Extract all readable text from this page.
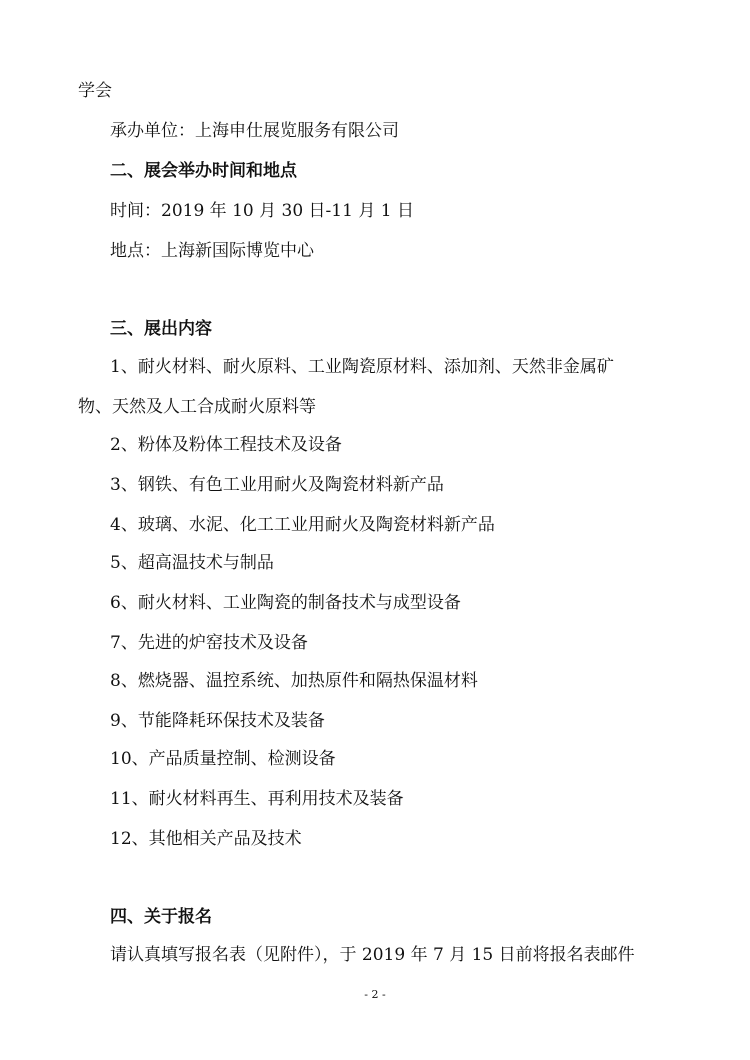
学会

承办单位：上海申仕展览服务有限公司

二、展会举办时间和地点

时间：2019 年 10 月 30 日-11 月 1 日

地点：上海新国际博览中心

三、展出内容

1、耐火材料、耐火原料、工业陶瓷原材料、添加剂、天然非金属矿

物、天然及人工合成耐火原料等

2、粉体及粉体工程技术及设备

3、钢铁、有色工业用耐火及陶瓷材料新产品

4、玻璃、水泥、化工工业用耐火及陶瓷材料新产品

5、超高温技术与制品

6、耐火材料、工业陶瓷的制备技术与成型设备

7、先进的炉窑技术及设备

8、燃烧器、温控系统、加热原件和隔热保温材料

9、节能降耗环保技术及装备

10、产品质量控制、检测设备

11、耐火材料再生、再利用技术及装备

12、其他相关产品及技术

四、关于报名

请认真填写报名表（见附件），于 2019 年 7 月 15 日前将报名表邮件

- 2 -
